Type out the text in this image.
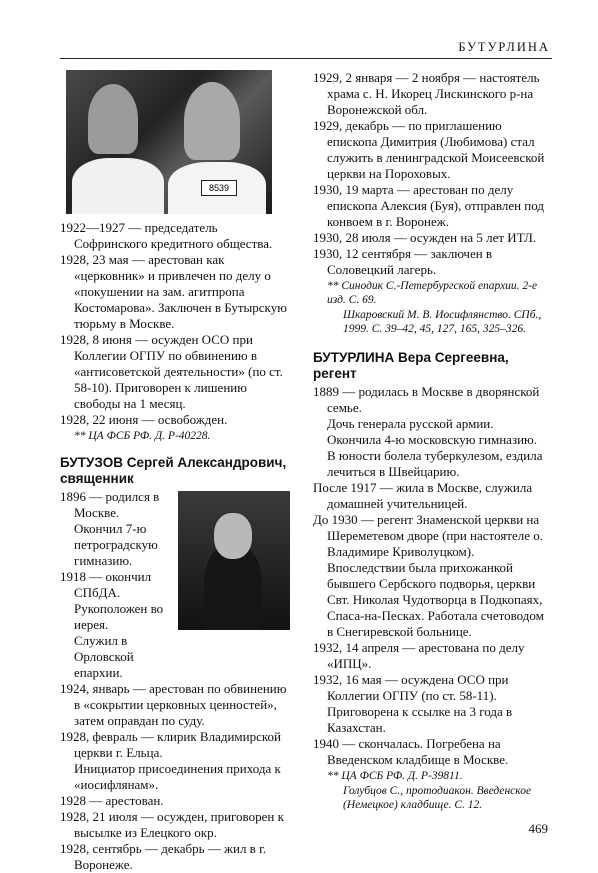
БУТУРЛИНА
8539

1922—1927 — председатель Софринского кредитного общества.

1928, 23 мая — арестован как «церковник» и привлечен по делу о «покушении на зам. агитпропа Костомарова». Заключен в Бутырскую тюрьму в Москве.

1928, 8 июня — осужден ОСО при Коллегии ОГПУ по обвинению в «антисоветской деятельности» (по ст. 58-10). Приговорен к лишению свободы на 1 месяц.

1928, 22 июня — освобожден.

** ЦА ФСБ РФ. Д. Р-40228.

БУТУЗОВ Сергей Александрович, священник

1896 — родился в Москве.

Окончил 7-ю петроградскую гимназию.

1918 — окончил СПбДА. Рукоположен во иерея.

Служил в Орловской епархии.

1924, январь — арестован по обвинению в «сокрытии церковных ценностей», затем оправдан по суду.

1928, февраль — клирик Владимирской церкви г. Ельца.

Инициатор присоединения прихода к «иосифлянам».

1928 — арестован.

1928, 21 июля — осужден, приговорен к высылке из Елецкого окр.

1928, сентябрь — декабрь — жил в г. Воронеже.

1929, 2 января — 2 ноября — настоятель храма с. Н. Икорец Лискинского р-на Воронежской обл.

1929, декабрь — по приглашению епископа Димитрия (Любимова) стал служить в ленинградской Моисеевской церкви на Пороховых.

1930, 19 марта — арестован по делу епископа Алексия (Буя), отправлен под конвоем в г. Воронеж.

1930, 28 июля — осужден на 5 лет ИТЛ.

1930, 12 сентября — заключен в Соловецкий лагерь.

** Синодик С.-Петербургской епархии. 2-е изд. С. 69.

Шкаровский М. В. Иосифлянство. СПб., 1999. С. 39–42, 45, 127, 165, 325–326.

БУТУРЛИНА Вера Сергеевна, регент

1889 — родилась в Москве в дворянской семье.

Дочь генерала русской армии.

Окончила 4-ю московскую гимназию.

В юности болела туберкулезом, ездила лечиться в Швейцарию.

После 1917 — жила в Москве, служила домашней учительницей.

До 1930 — регент Знаменской церкви на Шереметевом дворе (при настоятеле о. Владимире Криволуцком).

Впоследствии была прихожанкой бывшего Сербского подворья, церкви Свт. Николая Чудотворца в Подкопаях, Спаса-на-Песках. Работала счетоводом в Снегиревской больнице.

1932, 14 апреля — арестована по делу «ИПЦ».

1932, 16 мая — осуждена ОСО при Коллегии ОГПУ (по ст. 58-11). Приговорена к ссылке на 3 года в Казахстан.

1940 — скончалась. Погребена на Введенском кладбище в Москве.

** ЦА ФСБ РФ. Д. Р-39811.

Голубцов С., протодиакон. Введенское (Немецкое) кладбище. С. 12.

469
